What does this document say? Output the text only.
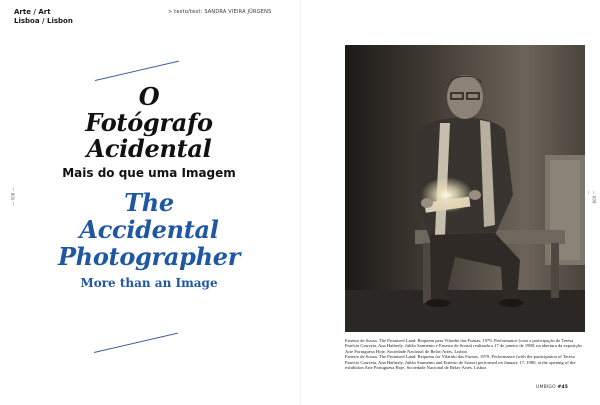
Arte / Art
Lisboa / Lisbon
> texto/text: SANDRA VIEIRA JÜRGENS
— 008 —
O
Fotógrafo
Acidental
Mais do que uma Imagem
The
Accidental
Photographer
More than an Image
— 009 —

Ernesto de Sousa, The Promised Land: Requiem para Vilariño das Furnas, 1979. Performance (com a participação de Teresa Patrício Gouveia, Ana Hatherly, Julião Sarmento e Ernesto de Sousa) realizada a 17 de janeiro de 1980, na abertura da exposição Arte Portuguesa Hoje, Sociedade Nacional de Belas-Artes, Lisboa

Ernesto de Sousa, The Promised Land: Requiem for Vilariño das Furnas, 1979. Performance (with the participation of Teresa Patrício Gouveia, Ana Hatherly, Julião Sarmento and Ernesto de Sousa) performed on January 17, 1980, at the opening of the exhibition Arte Portuguesa Hoje, Sociedade Nacional de Belas-Artes, Lisboa

UMBIGO #45
